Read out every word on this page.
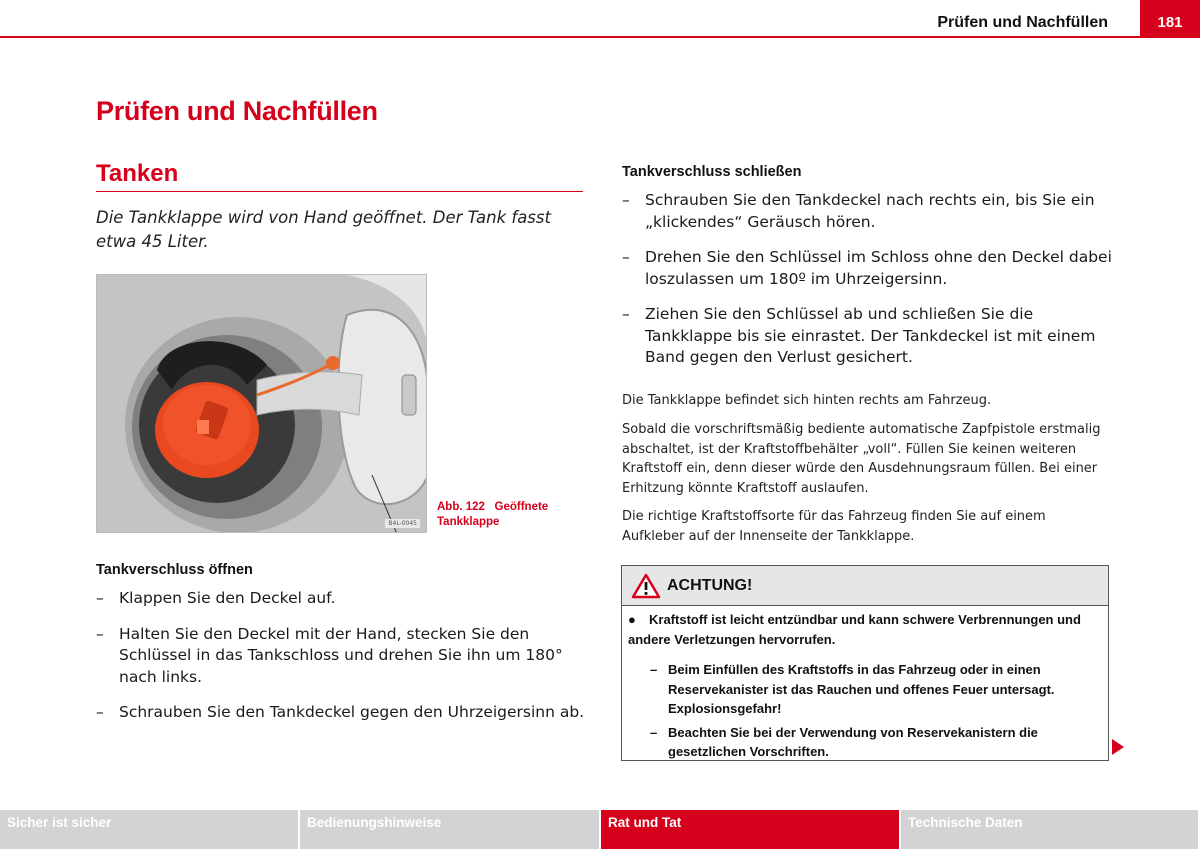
Prüfen und Nachfüllen	181
Prüfen und Nachfüllen
Tanken
Die Tankklappe wird von Hand geöffnet. Der Tank fasst etwa 45 Liter.
B4L-0045
Abb. 122   Geöffnete
Tankklappe
Tankverschluss öffnen
– Klappen Sie den Deckel auf.
– Halten Sie den Deckel mit der Hand, stecken Sie den Schlüssel in das Tankschloss und drehen Sie ihn um 180° nach links.
– Schrauben Sie den Tankdeckel gegen den Uhrzeigersinn ab.
Tankverschluss schließen
– Schrauben Sie den Tankdeckel nach rechts ein, bis Sie ein „klickendes“ Geräusch hören.
– Drehen Sie den Schlüssel im Schloss ohne den Deckel dabei loszulassen um 180º im Uhrzeigersinn.
– Ziehen Sie den Schlüssel ab und schließen Sie die Tankklappe bis sie einrastet. Der Tankdeckel ist mit einem Band gegen den Verlust gesichert.
Die Tankklappe befindet sich hinten rechts am Fahrzeug.
Sobald die vorschriftsmäßig bediente automatische Zapfpistole erstmalig abschaltet, ist der Kraftstoffbehälter „voll“. Füllen Sie keinen weiteren Kraftstoff ein, denn dieser würde den Ausdehnungsraum füllen. Bei einer Erhitzung könnte Kraftstoff auslaufen.
Die richtige Kraftstoffsorte für das Fahrzeug finden Sie auf einem Aufkleber auf der Innenseite der Tankklappe.
ACHTUNG!
● Kraftstoff ist leicht entzündbar und kann schwere Verbrennungen und andere Verletzungen hervorrufen.
– Beim Einfüllen des Kraftstoffs in das Fahrzeug oder in einen Reservekanister ist das Rauchen und offenes Feuer untersagt. Explosionsgefahr!
– Beachten Sie bei der Verwendung von Reservekanistern die gesetzlichen Vorschriften.
Sicher ist sicher	Bedienungshinweise	Rat und Tat	Technische Daten
